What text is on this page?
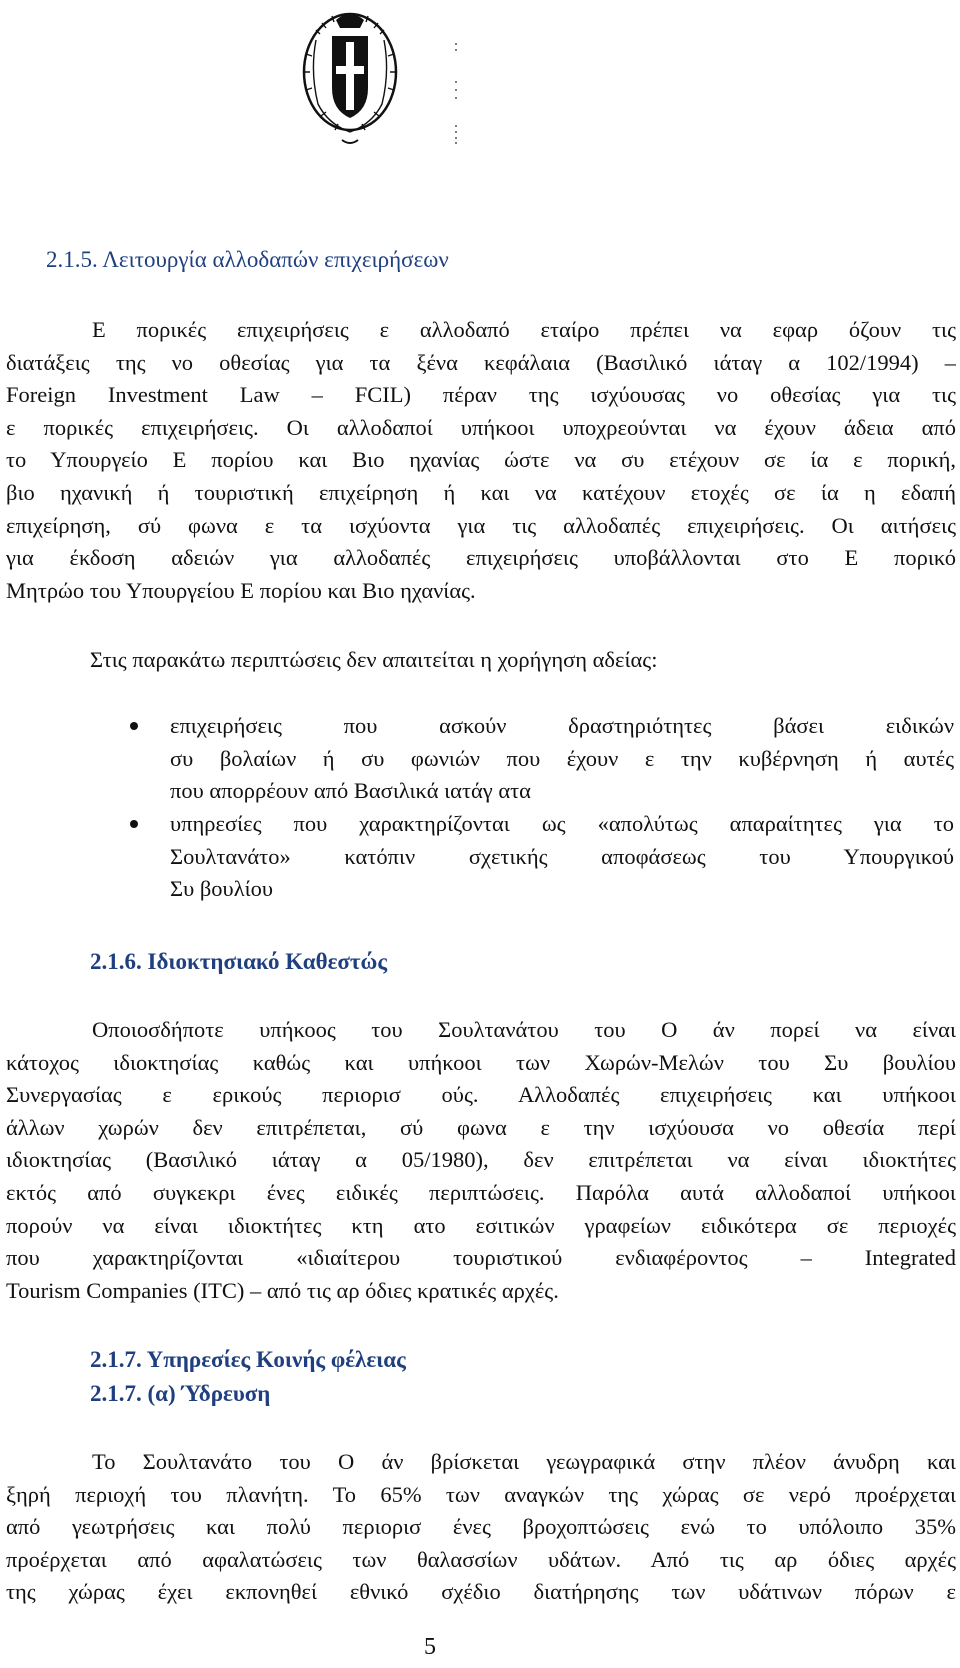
2.1.5. Λειτουργία αλλοδαπών επιχειρήσεων
Ε πορικές επιχειρήσεις ε αλλοδαπό εταίρο πρέπει να εφαρ όζουν τις
διατάξεις της νο οθεσίας για τα ξένα κεφάλαια (Βασιλικό ιάταγ α 102/1994) –
Foreign Investment Law – FCIL) πέραν της ισχύουσας νο οθεσίας για τις
ε πορικές επιχειρήσεις. Οι αλλοδαποί υπήκοοι υποχρεούνται να έχουν άδεια από
το Υπουργείο Ε πορίου και Βιο ηχανίας ώστε να συ ετέχουν σε ία ε πορική,
βιο ηχανική ή τουριστική επιχείρηση ή και να κατέχουν ετοχές σε ία η εδαπή
επιχείρηση, σύ φωνα ε τα ισχύοντα για τις αλλοδαπές επιχειρήσεις. Οι αιτήσεις
για έκδοση αδειών για αλλοδαπές επιχειρήσεις υποβάλλονται στο Ε πορικό
Μητρώο του Υπουργείου Ε πορίου και Βιο ηχανίας.
Στις παρακάτω περιπτώσεις δεν απαιτείται η χορήγηση αδείας:
επιχειρήσεις που ασκούν δραστηριότητες βάσει ειδικών
συ βολαίων ή συ φωνιών που έχουν ε την κυβέρνηση ή αυτές
που απορρέουν από Βασιλικά ιατάγ ατα
υπηρεσίες που χαρακτηρίζονται ως «απολύτως απαραίτητες για το
Σουλτανάτο» κατόπιν σχετικής αποφάσεως του Υπουργικού
Συ βουλίου
2.1.6. Ιδιοκτησιακό Καθεστώς
Οποιοσδήποτε υπήκοος του Σουλτανάτου του Ο άν πορεί να είναι
κάτοχος ιδιοκτησίας καθώς και υπήκοοι των Χωρών-Μελών του Συ βουλίου
Συνεργασίας ε ερικούς περιορισ ούς. Αλλοδαπές επιχειρήσεις και υπήκοοι
άλλων χωρών δεν επιτρέπεται, σύ φωνα ε την ισχύουσα νο οθεσία περί
ιδιοκτησίας (Βασιλικό ιάταγ α 05/1980), δεν επιτρέπεται να είναι ιδιοκτήτες
εκτός από συγκεκρι ένες ειδικές περιπτώσεις. Παρόλα αυτά αλλοδαποί υπήκοοι
πορούν να είναι ιδιοκτήτες κτη ατο εσιτικών γραφείων ειδικότερα σε περιοχές
που χαρακτηρίζονται «ιδιαίτερου τουριστικού ενδιαφέροντος – Integrated
Tourism Companies (ITC) – από τις αρ όδιες κρατικές αρχές.
2.1.7. Υπηρεσίες Κοινής φέλειας
2.1.7. (α) Ύδρευση
Το Σουλτανάτο του Ο άν βρίσκεται γεωγραφικά στην πλέον άνυδρη και
ξηρή περιοχή του πλανήτη. Το 65% των αναγκών της χώρας σε νερό προέρχεται
από γεωτρήσεις και πολύ περιορισ ένες βροχοπτώσεις ενώ το υπόλοιπο 35%
προέρχεται από αφαλατώσεις των θαλασσίων υδάτων. Από τις αρ όδιες αρχές
της χώρας έχει εκπονηθεί εθνικό σχέδιο διατήρησης των υδάτινων πόρων ε
5
